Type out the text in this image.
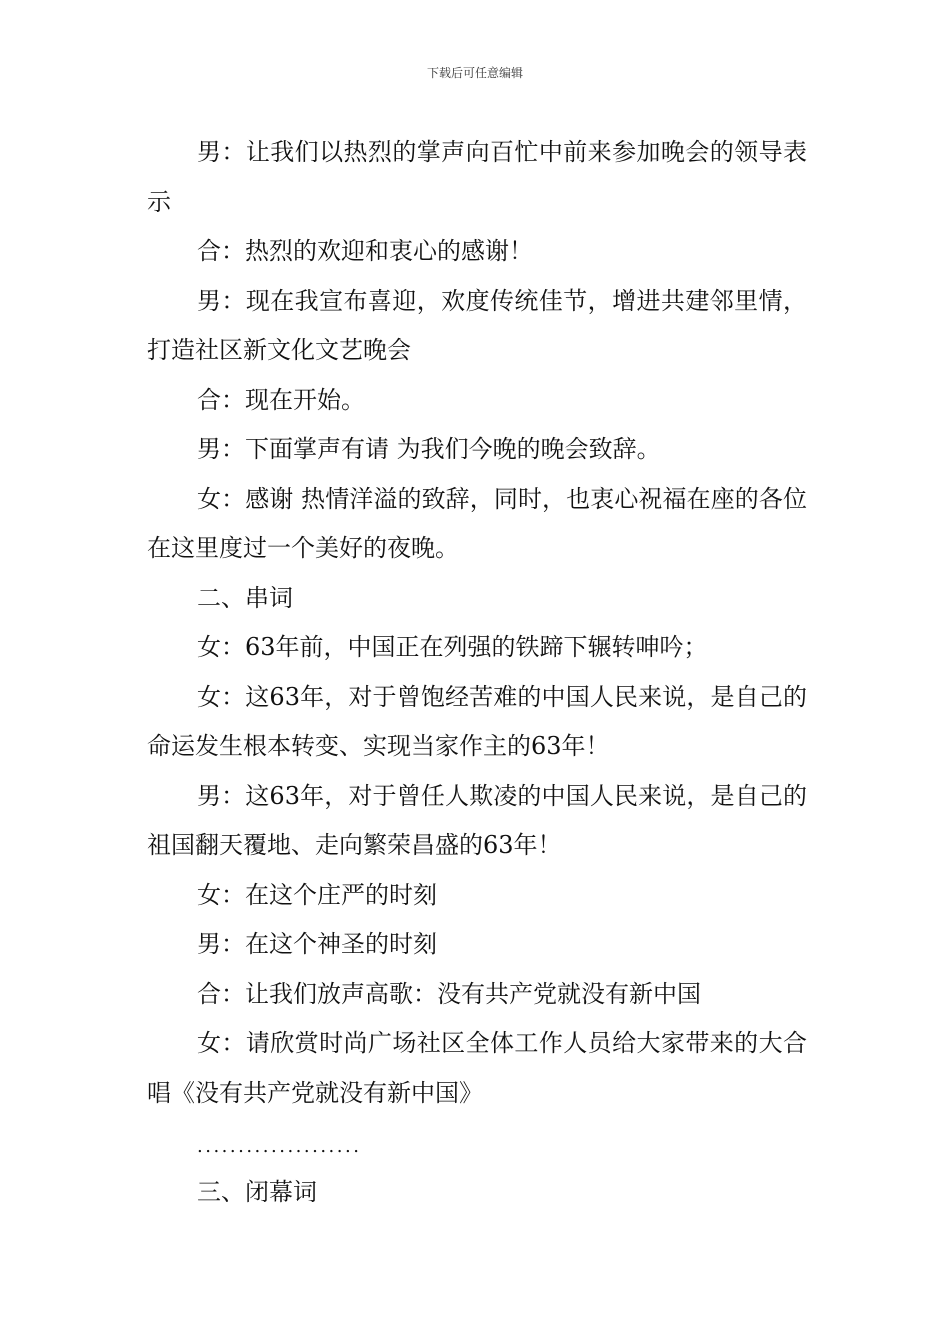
下载后可任意编辑

男：让我们以热烈的掌声向百忙中前来参加晚会的领导表示

合：热烈的欢迎和衷心的感谢！

男：现在我宣布喜迎，欢度传统佳节，增进共建邻里情，打造社区新文化文艺晚会

合：现在开始。

男：下面掌声有请 为我们今晚的晚会致辞。

女：感谢 热情洋溢的致辞，同时，也衷心祝福在座的各位在这里度过一个美好的夜晚。

二、串词

女：63年前，中国正在列强的铁蹄下辗转呻吟；

女：这63年，对于曾饱经苦难的中国人民来说，是自己的命运发生根本转变、实现当家作主的63年！

男：这63年，对于曾任人欺凌的中国人民来说，是自己的祖国翻天覆地、走向繁荣昌盛的63年！

女：在这个庄严的时刻

男：在这个神圣的时刻

合：让我们放声高歌：没有共产党就没有新中国

女：请欣赏时尚广场社区全体工作人员给大家带来的大合唱《没有共产党就没有新中国》

....................

三、闭幕词
